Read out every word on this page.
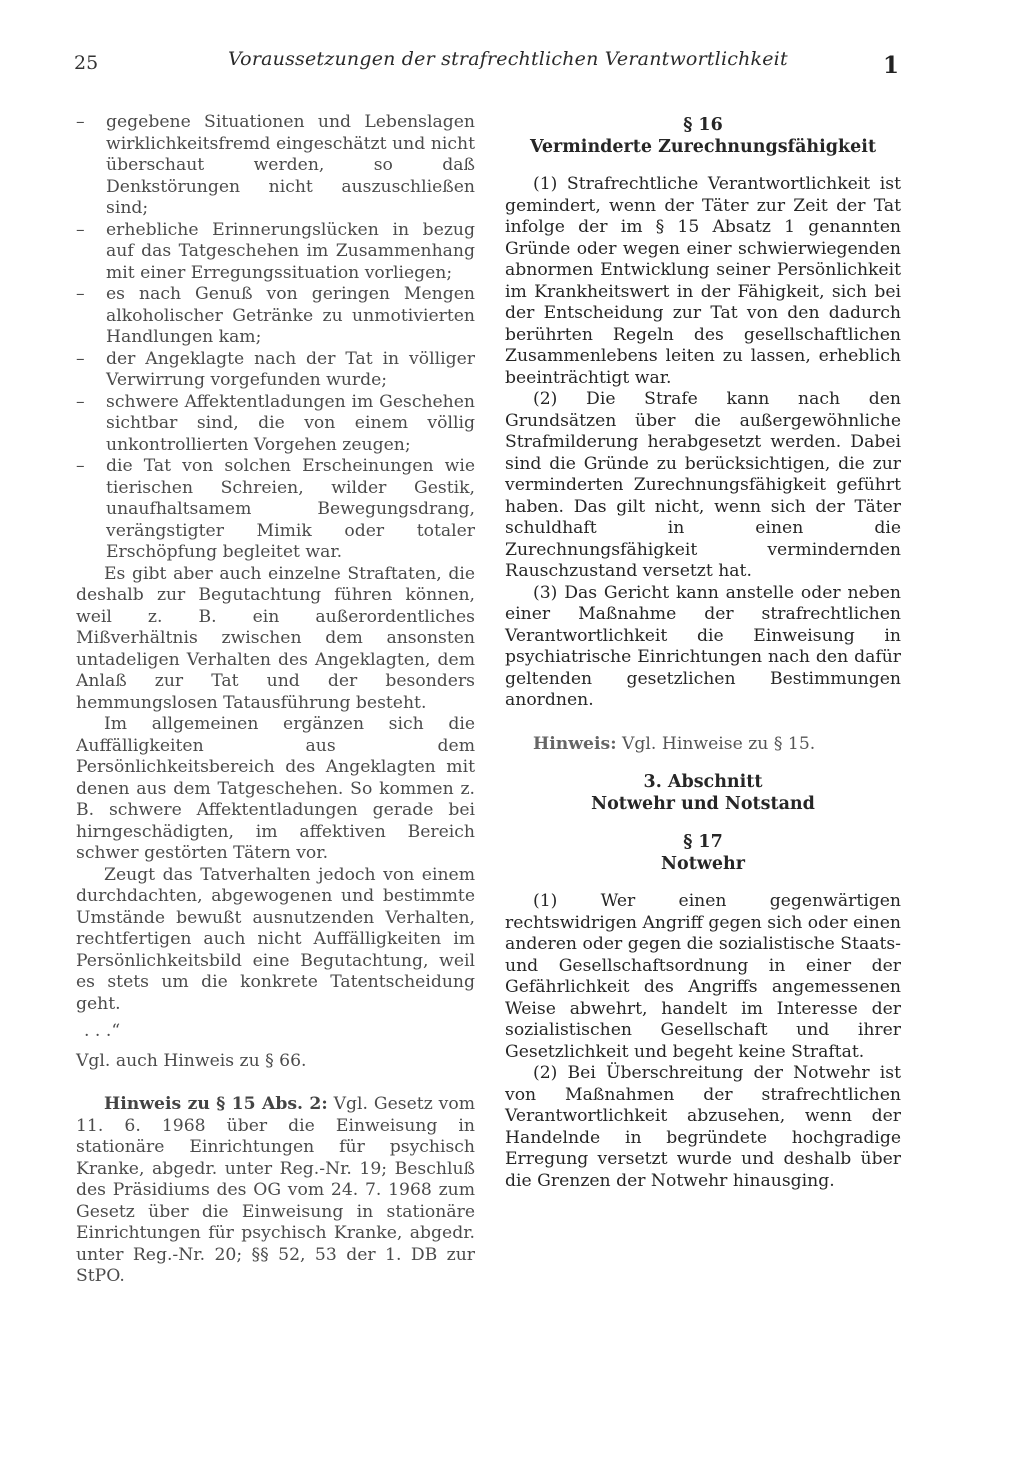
25	Voraussetzungen der strafrechtlichen Verantwortlichkeit	1
– gegebene Situationen und Lebenslagen wirklichkeitsfremd eingeschätzt und nicht überschaut werden, so daß Denkstörungen nicht auszuschließen sind;
– erhebliche Erinnerungslücken in bezug auf das Tatgeschehen im Zusammenhang mit einer Erregungssituation vorliegen;
– es nach Genuß von geringen Mengen alkoholischer Getränke zu unmotivierten Handlungen kam;
– der Angeklagte nach der Tat in völliger Verwirrung vorgefunden wurde;
– schwere Affektentladungen im Geschehen sichtbar sind, die von einem völlig unkontrollierten Vorgehen zeugen;
– die Tat von solchen Erscheinungen wie tierischen Schreien, wilder Gestik, unaufhaltsamem Bewegungsdrang, verängstigter Mimik oder totaler Erschöpfung begleitet war.

Es gibt aber auch einzelne Straftaten, die deshalb zur Begutachtung führen können, weil z. B. ein außerordentliches Mißverhältnis zwischen dem ansonsten untadeligen Verhalten des Angeklagten, dem Anlaß zur Tat und der besonders hemmungslosen Tatausführung besteht.

Im allgemeinen ergänzen sich die Auffälligkeiten aus dem Persönlichkeitsbereich des Angeklagten mit denen aus dem Tatgeschehen. So kommen z. B. schwere Affektentladungen gerade bei hirngeschädigten, im affektiven Bereich schwer gestörten Tätern vor.

Zeugt das Tatverhalten jedoch von einem durchdachten, abgewogenen und bestimmte Umstände bewußt ausnutzenden Verhalten, rechtfertigen auch nicht Auffälligkeiten im Persönlichkeitsbild eine Begutachtung, weil es stets um die konkrete Tatentscheidung geht.

. . .“

Vgl. auch Hinweis zu § 66.

Hinweis zu § 15 Abs. 2: Vgl. Gesetz vom 11. 6. 1968 über die Einweisung in stationäre Einrichtungen für psychisch Kranke, abgedr. unter Reg.-Nr. 19; Beschluß des Präsidiums des OG vom 24. 7. 1968 zum Gesetz über die Einweisung in stationäre Einrichtungen für psychisch Kranke, abgedr. unter Reg.-Nr. 20; §§ 52, 53 der 1. DB zur StPO.

§ 16
Verminderte Zurechnungsfähigkeit

(1) Strafrechtliche Verantwortlichkeit ist gemindert, wenn der Täter zur Zeit der Tat infolge der im § 15 Absatz 1 genannten Gründe oder wegen einer schwierwiegenden abnormen Entwicklung seiner Persönlichkeit im Krankheitswert in der Fähigkeit, sich bei der Entscheidung zur Tat von den dadurch berührten Regeln des gesellschaftlichen Zusammenlebens leiten zu lassen, erheblich beeinträchtigt war.

(2) Die Strafe kann nach den Grundsätzen über die außergewöhnliche Strafmilderung herabgesetzt werden. Dabei sind die Gründe zu berücksichtigen, die zur verminderten Zurechnungsfähigkeit geführt haben. Das gilt nicht, wenn sich der Täter schuldhaft in einen die Zurechnungsfähigkeit vermindernden Rauschzustand versetzt hat.

(3) Das Gericht kann anstelle oder neben einer Maßnahme der strafrechtlichen Verantwortlichkeit die Einweisung in psychiatrische Einrichtungen nach den dafür geltenden gesetzlichen Bestimmungen anordnen.

Hinweis: Vgl. Hinweise zu § 15.

3. Abschnitt
Notwehr und Notstand
§ 17
Notwehr

(1) Wer einen gegenwärtigen rechtswidrigen Angriff gegen sich oder einen anderen oder gegen die sozialistische Staats- und Gesellschaftsordnung in einer der Gefährlichkeit des Angriffs angemessenen Weise abwehrt, handelt im Interesse der sozialistischen Gesellschaft und ihrer Gesetzlichkeit und begeht keine Straftat.

(2) Bei Überschreitung der Notwehr ist von Maßnahmen der strafrechtlichen Verantwortlichkeit abzusehen, wenn der Handelnde in begründete hochgradige Erregung versetzt wurde und deshalb über die Grenzen der Notwehr hinausging.
